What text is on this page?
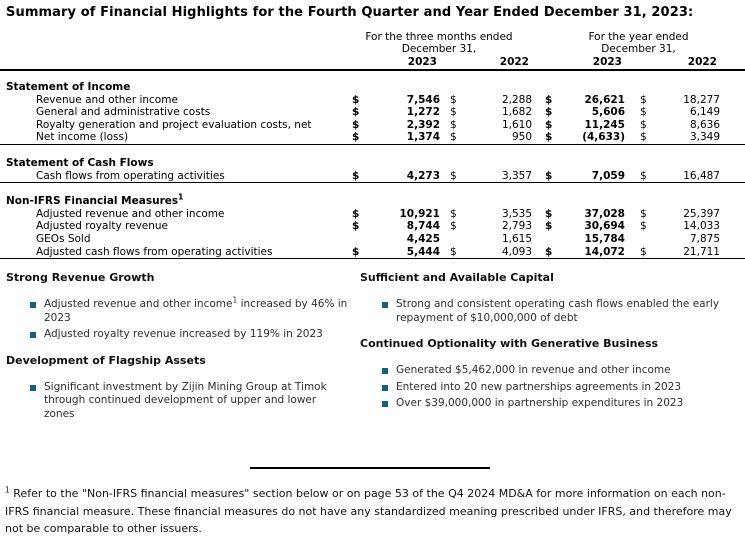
Summary of Financial Highlights for the Fourth Quarter and Year Ended December 31, 2023:
For the three months ended	For the year ended
December 31,	December 31,
2023	2022	2023	2022
Statement of Income
Revenue and other income	$	7,546 $	2,288	$	26,621	$	18,277
General and administrative costs	$	1,272 $	1,682	$	5,606	$	6,149
Royalty generation and project evaluation costs, net	$	2,392 $	1,610	$	11,245	$	8,636
Net income (loss)	$	1,374 $	950	$	(4,633)	$	3,349
Statement of Cash Flows
Cash flows from operating activities	$	4,273 $	3,357	$	7,059	$	16,487
Non-IFRS Financial Measures$^1$
Adjusted revenue and other income	$	10,921 $	3,535	$	37,028	$	25,397
Adjusted royalty revenue	$	8,744 $	2,793	$	30,694	$	14,033
GEOs Sold	4,425	1,615	15,784	7,875
Adjusted cash flows from operating activities	$	5,444 $	4,093	$	14,072	$	21,711
Strong Revenue Growth
Adjusted revenue and other income$^1$ increased by 46% in 2023
Adjusted royalty revenue increased by 119% in 2023
Development of Flagship Assets
Significant investment by Zijin Mining Group at Timok through continued development of upper and lower zones
Sufficient and Available Capital
Strong and consistent operating cash flows enabled the early repayment of $10,000,000 of debt
Continued Optionality with Generative Business
Generated $5,462,000 in revenue and other income
Entered into 20 new partnerships agreements in 2023
Over $39,000,000 in partnership expenditures in 2023
$^1$ Refer to the "Non-IFRS financial measures" section below or on page 53 of the Q4 2024 MD&A for more information on each non-IFRS financial measure. These financial measures do not have any standardized meaning prescribed under IFRS, and therefore may not be comparable to other issuers.
